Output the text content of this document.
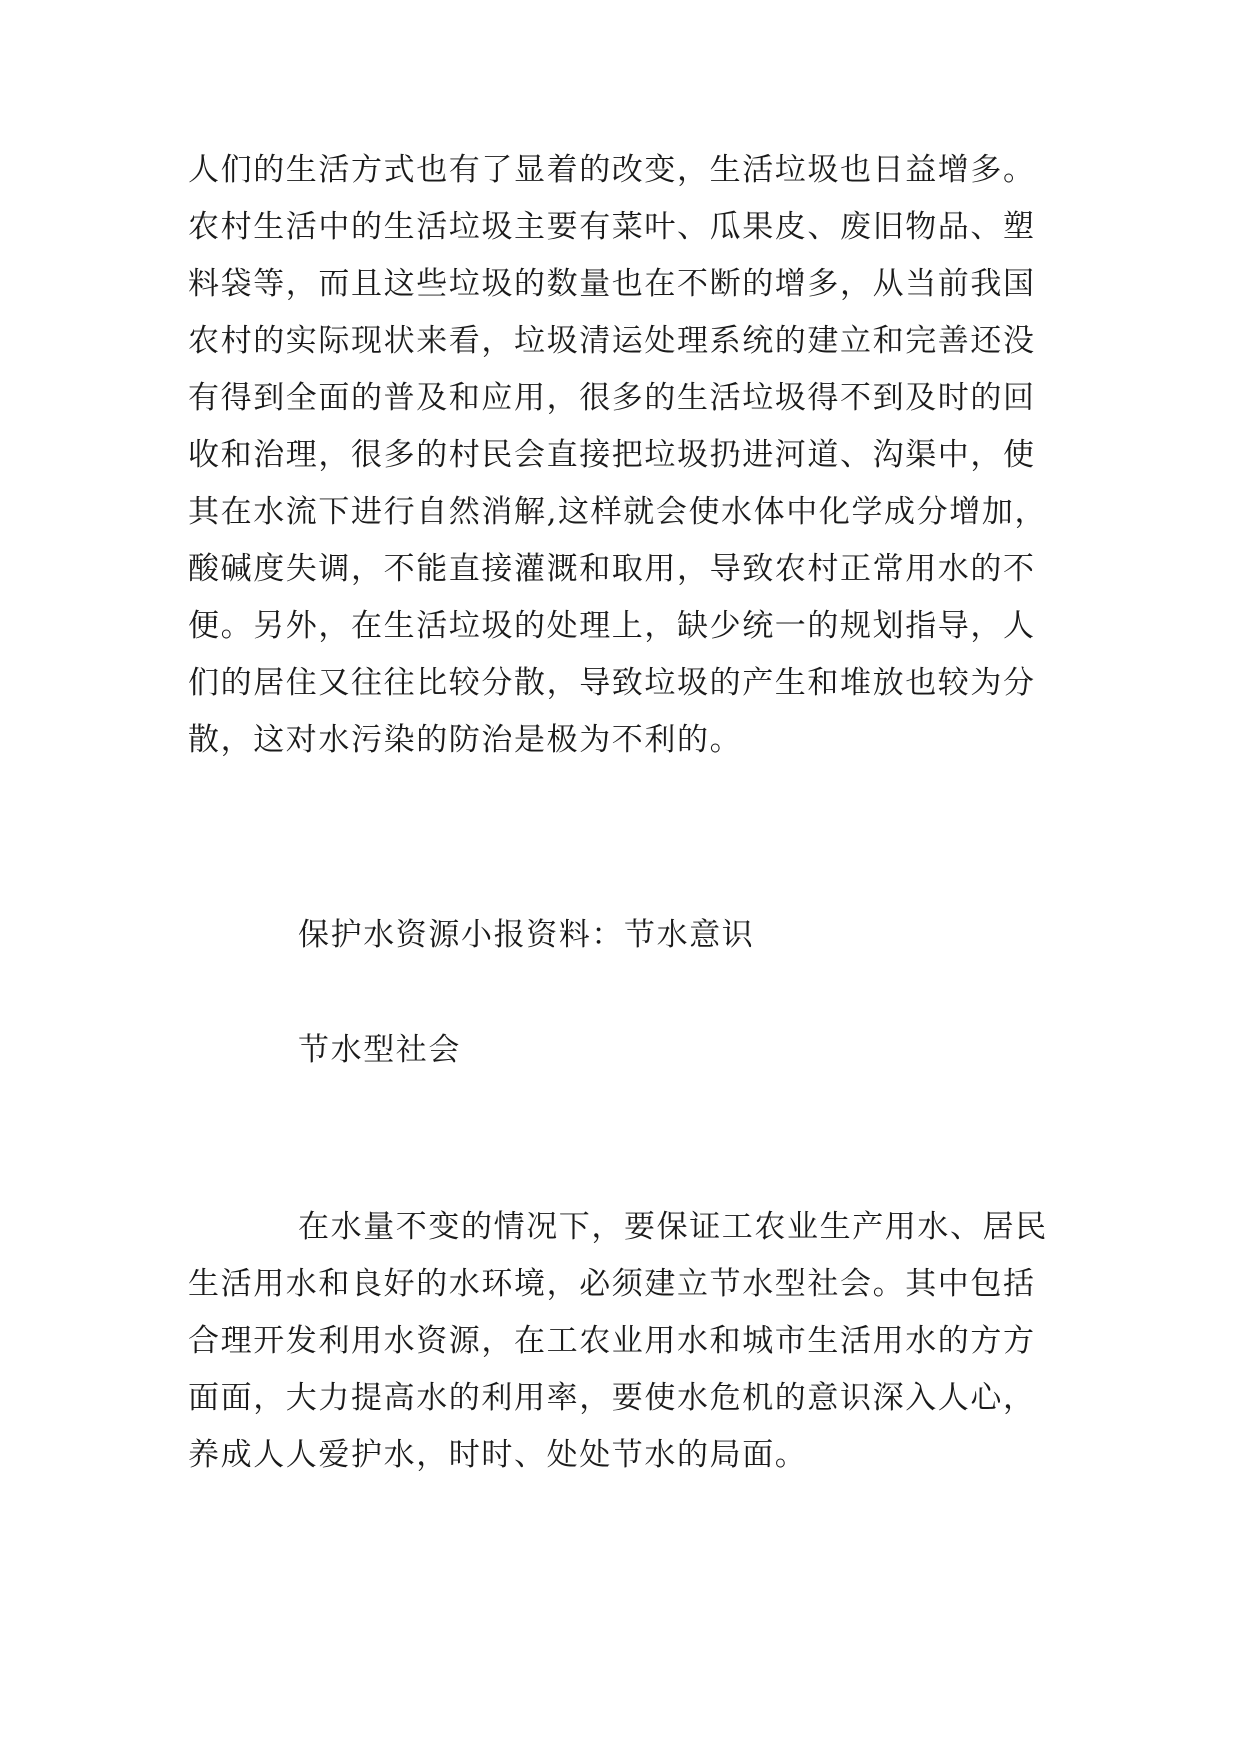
人们的生活方式也有了显着的改变，生活垃圾也日益增多。
农村生活中的生活垃圾主要有菜叶、瓜果皮、废旧物品、塑
料袋等，而且这些垃圾的数量也在不断的增多，从当前我国
农村的实际现状来看，垃圾清运处理系统的建立和完善还没
有得到全面的普及和应用，很多的生活垃圾得不到及时的回
收和治理，很多的村民会直接把垃圾扔进河道、沟渠中，使
其在水流下进行自然消解,这样就会使水体中化学成分增加，
酸碱度失调，不能直接灌溉和取用，导致农村正常用水的不
便。另外，在生活垃圾的处理上，缺少统一的规划指导，人
们的居住又往往比较分散，导致垃圾的产生和堆放也较为分
散，这对水污染的防治是极为不利的。
保护水资源小报资料：节水意识
节水型社会
在水量不变的情况下，要保证工农业生产用水、居民
生活用水和良好的水环境，必须建立节水型社会。其中包括
合理开发利用水资源，在工农业用水和城市生活用水的方方
面面，大力提高水的利用率，要使水危机的意识深入人心，
养成人人爱护水，时时、处处节水的局面。
